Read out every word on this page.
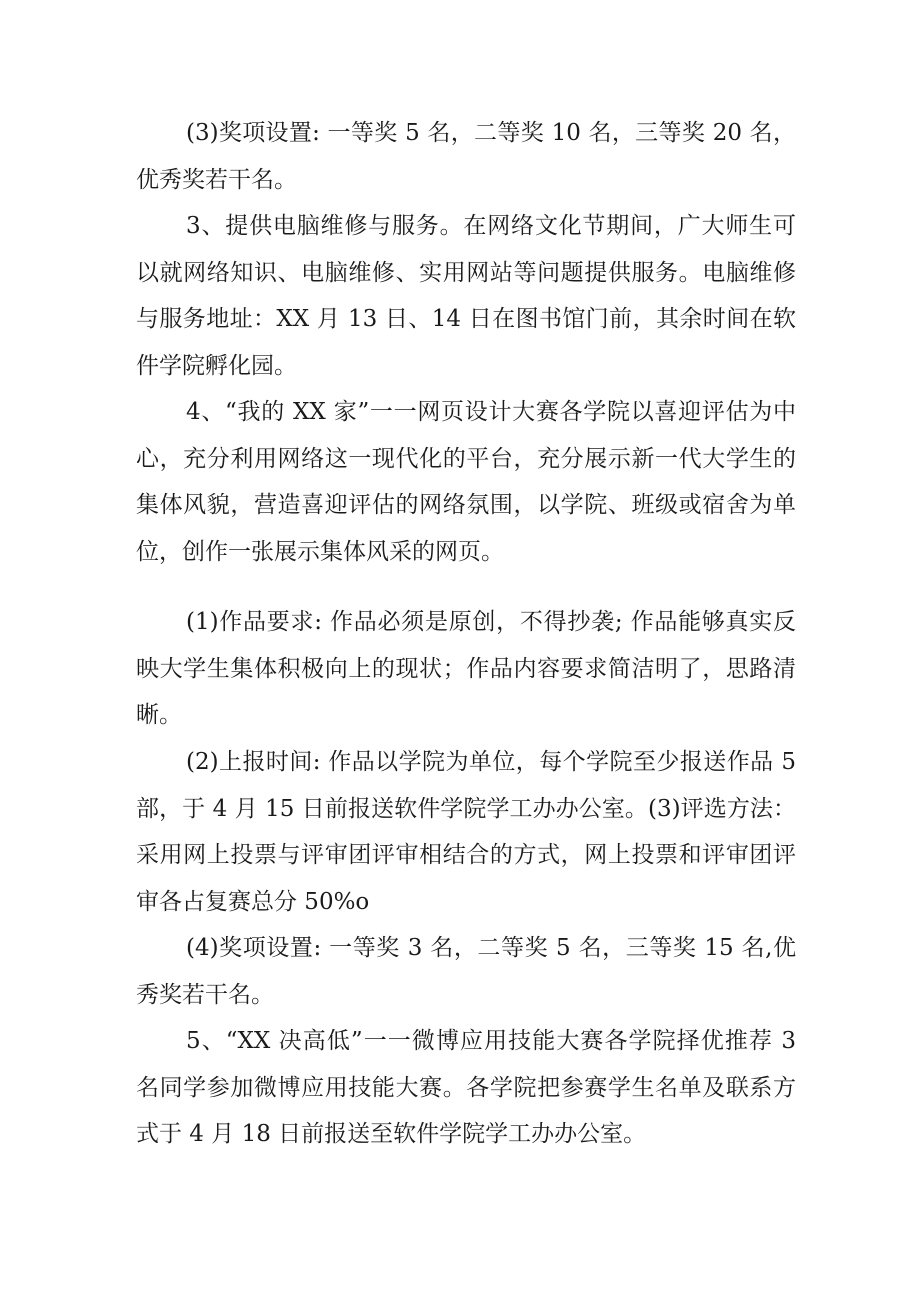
(3)奖项设置: 一等奖 5 名，二等奖 10 名，三等奖 20 名，优秀奖若干名。

3、提供电脑维修与服务。在网络文化节期间，广大师生可以就网络知识、电脑维修、实用网站等问题提供服务。电脑维修与服务地址：XX 月 13 日、14 日在图书馆门前，其余时间在软件学院孵化园。

4、“我的 XX 家”一一网页设计大赛各学院以喜迎评估为中心，充分利用网络这一现代化的平台，充分展示新一代大学生的集体风貌，营造喜迎评估的网络氛围，以学院、班级或宿舍为单位，创作一张展示集体风采的网页。

(1)作品要求: 作品必须是原创，不得抄袭; 作品能够真实反映大学生集体积极向上的现状；作品内容要求简洁明了，思路清晰。

(2)上报时间: 作品以学院为单位，每个学院至少报送作品 5 部，于 4 月 15 日前报送软件学院学工办办公室。(3)评选方法：采用网上投票与评审团评审相结合的方式，网上投票和评审团评审各占复赛总分 50%o

(4)奖项设置: 一等奖 3 名，二等奖 5 名，三等奖 15 名,优秀奖若干名。

5、“XX 决高低”一一微博应用技能大赛各学院择优推荐 3 名同学参加微博应用技能大赛。各学院把参赛学生名单及联系方式于 4 月 18 日前报送至软件学院学工办办公室。
